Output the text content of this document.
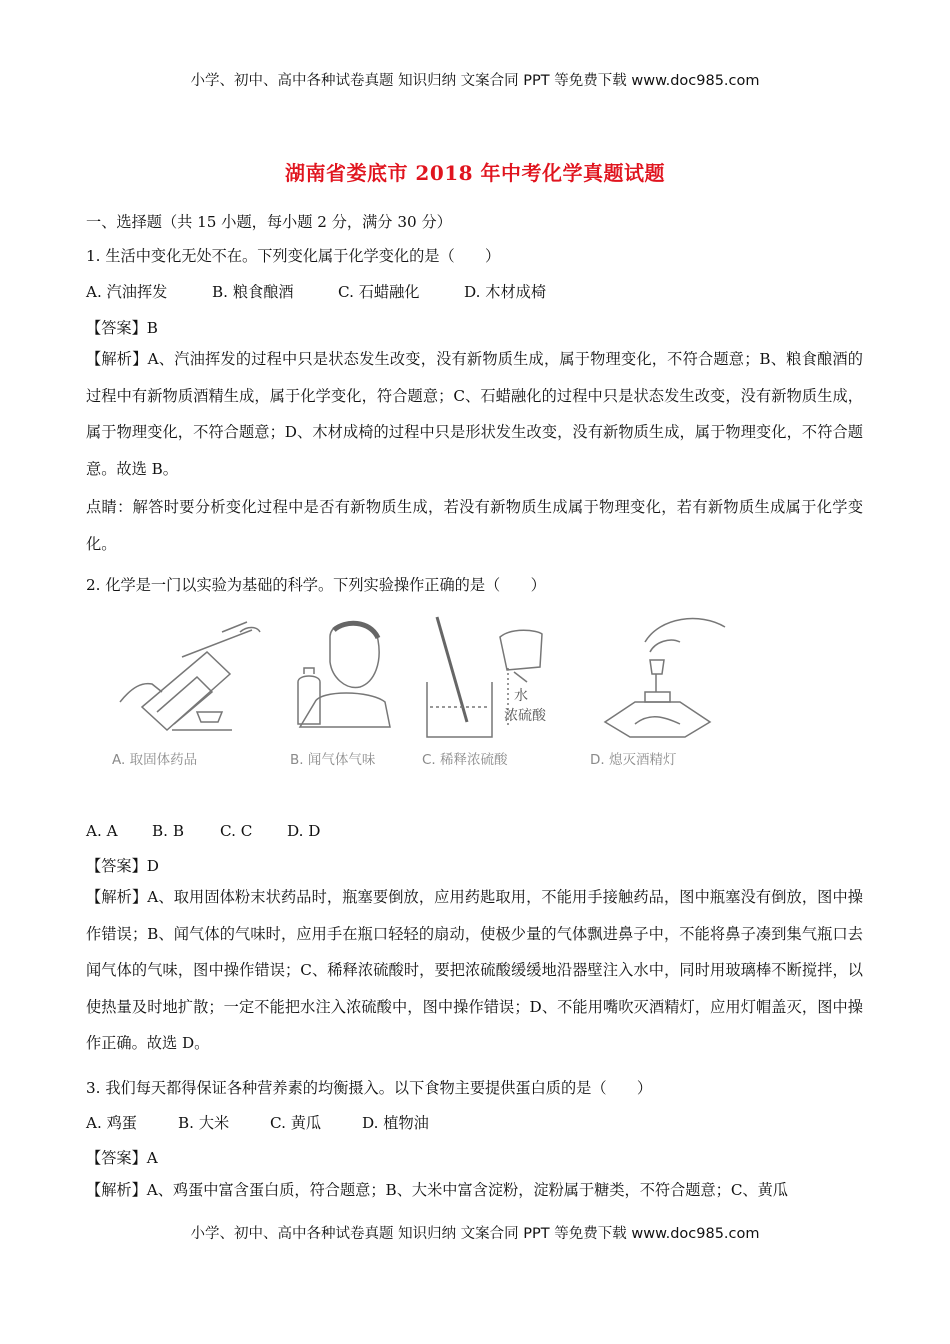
小学、初中、高中各种试卷真题 知识归纳 文案合同 PPT 等免费下载 www.doc985.com
湖南省娄底市 2018 年中考化学真题试题
一、选择题（共 15 小题，每小题 2 分，满分 30 分）
1. 生活中变化无处不在。下列变化属于化学变化的是（　　）
A. 汽油挥发	B. 粮食酿酒	C. 石蜡融化	D. 木材成椅
【答案】B
【解析】A、汽油挥发的过程中只是状态发生改变，没有新物质生成，属于物理变化，不符合题意；B、粮食酿酒的过程中有新物质酒精生成，属于化学变化，符合题意；C、石蜡融化的过程中只是状态发生改变，没有新物质生成，属于物理变化，不符合题意；D、木材成椅的过程中只是形状发生改变，没有新物质生成，属于物理变化，不符合题意。故选 B。
点睛：解答时要分析变化过程中是否有新物质生成，若没有新物质生成属于物理变化，若有新物质生成属于化学变化。
2. 化学是一门以实验为基础的科学。下列实验操作正确的是（　　）
A. 取固体药品	B. 闻气体气味
水
浓硫酸
C. 稀释浓硫酸	D. 熄灭酒精灯
A. A B. B C. C D. D
【答案】D
【解析】A、取用固体粉末状药品时，瓶塞要倒放，应用药匙取用，不能用手接触药品，图中瓶塞没有倒放，图中操作错误；B、闻气体的气味时，应用手在瓶口轻轻的扇动，使极少量的气体飘进鼻子中，不能将鼻子凑到集气瓶口去闻气体的气味，图中操作错误；C、稀释浓硫酸时，要把浓硫酸缓缓地沿器壁注入水中，同时用玻璃棒不断搅拌，以使热量及时地扩散；一定不能把水注入浓硫酸中，图中操作错误；D、不能用嘴吹灭酒精灯，应用灯帽盖灭，图中操作正确。故选 D。
3. 我们每天都得保证各种营养素的均衡摄入。以下食物主要提供蛋白质的是（　　）
A. 鸡蛋	B. 大米	C. 黄瓜	D. 植物油
【答案】A
【解析】A、鸡蛋中富含蛋白质，符合题意；B、大米中富含淀粉，淀粉属于糖类，不符合题意；C、黄瓜
小学、初中、高中各种试卷真题 知识归纳 文案合同 PPT 等免费下载 www.doc985.com
